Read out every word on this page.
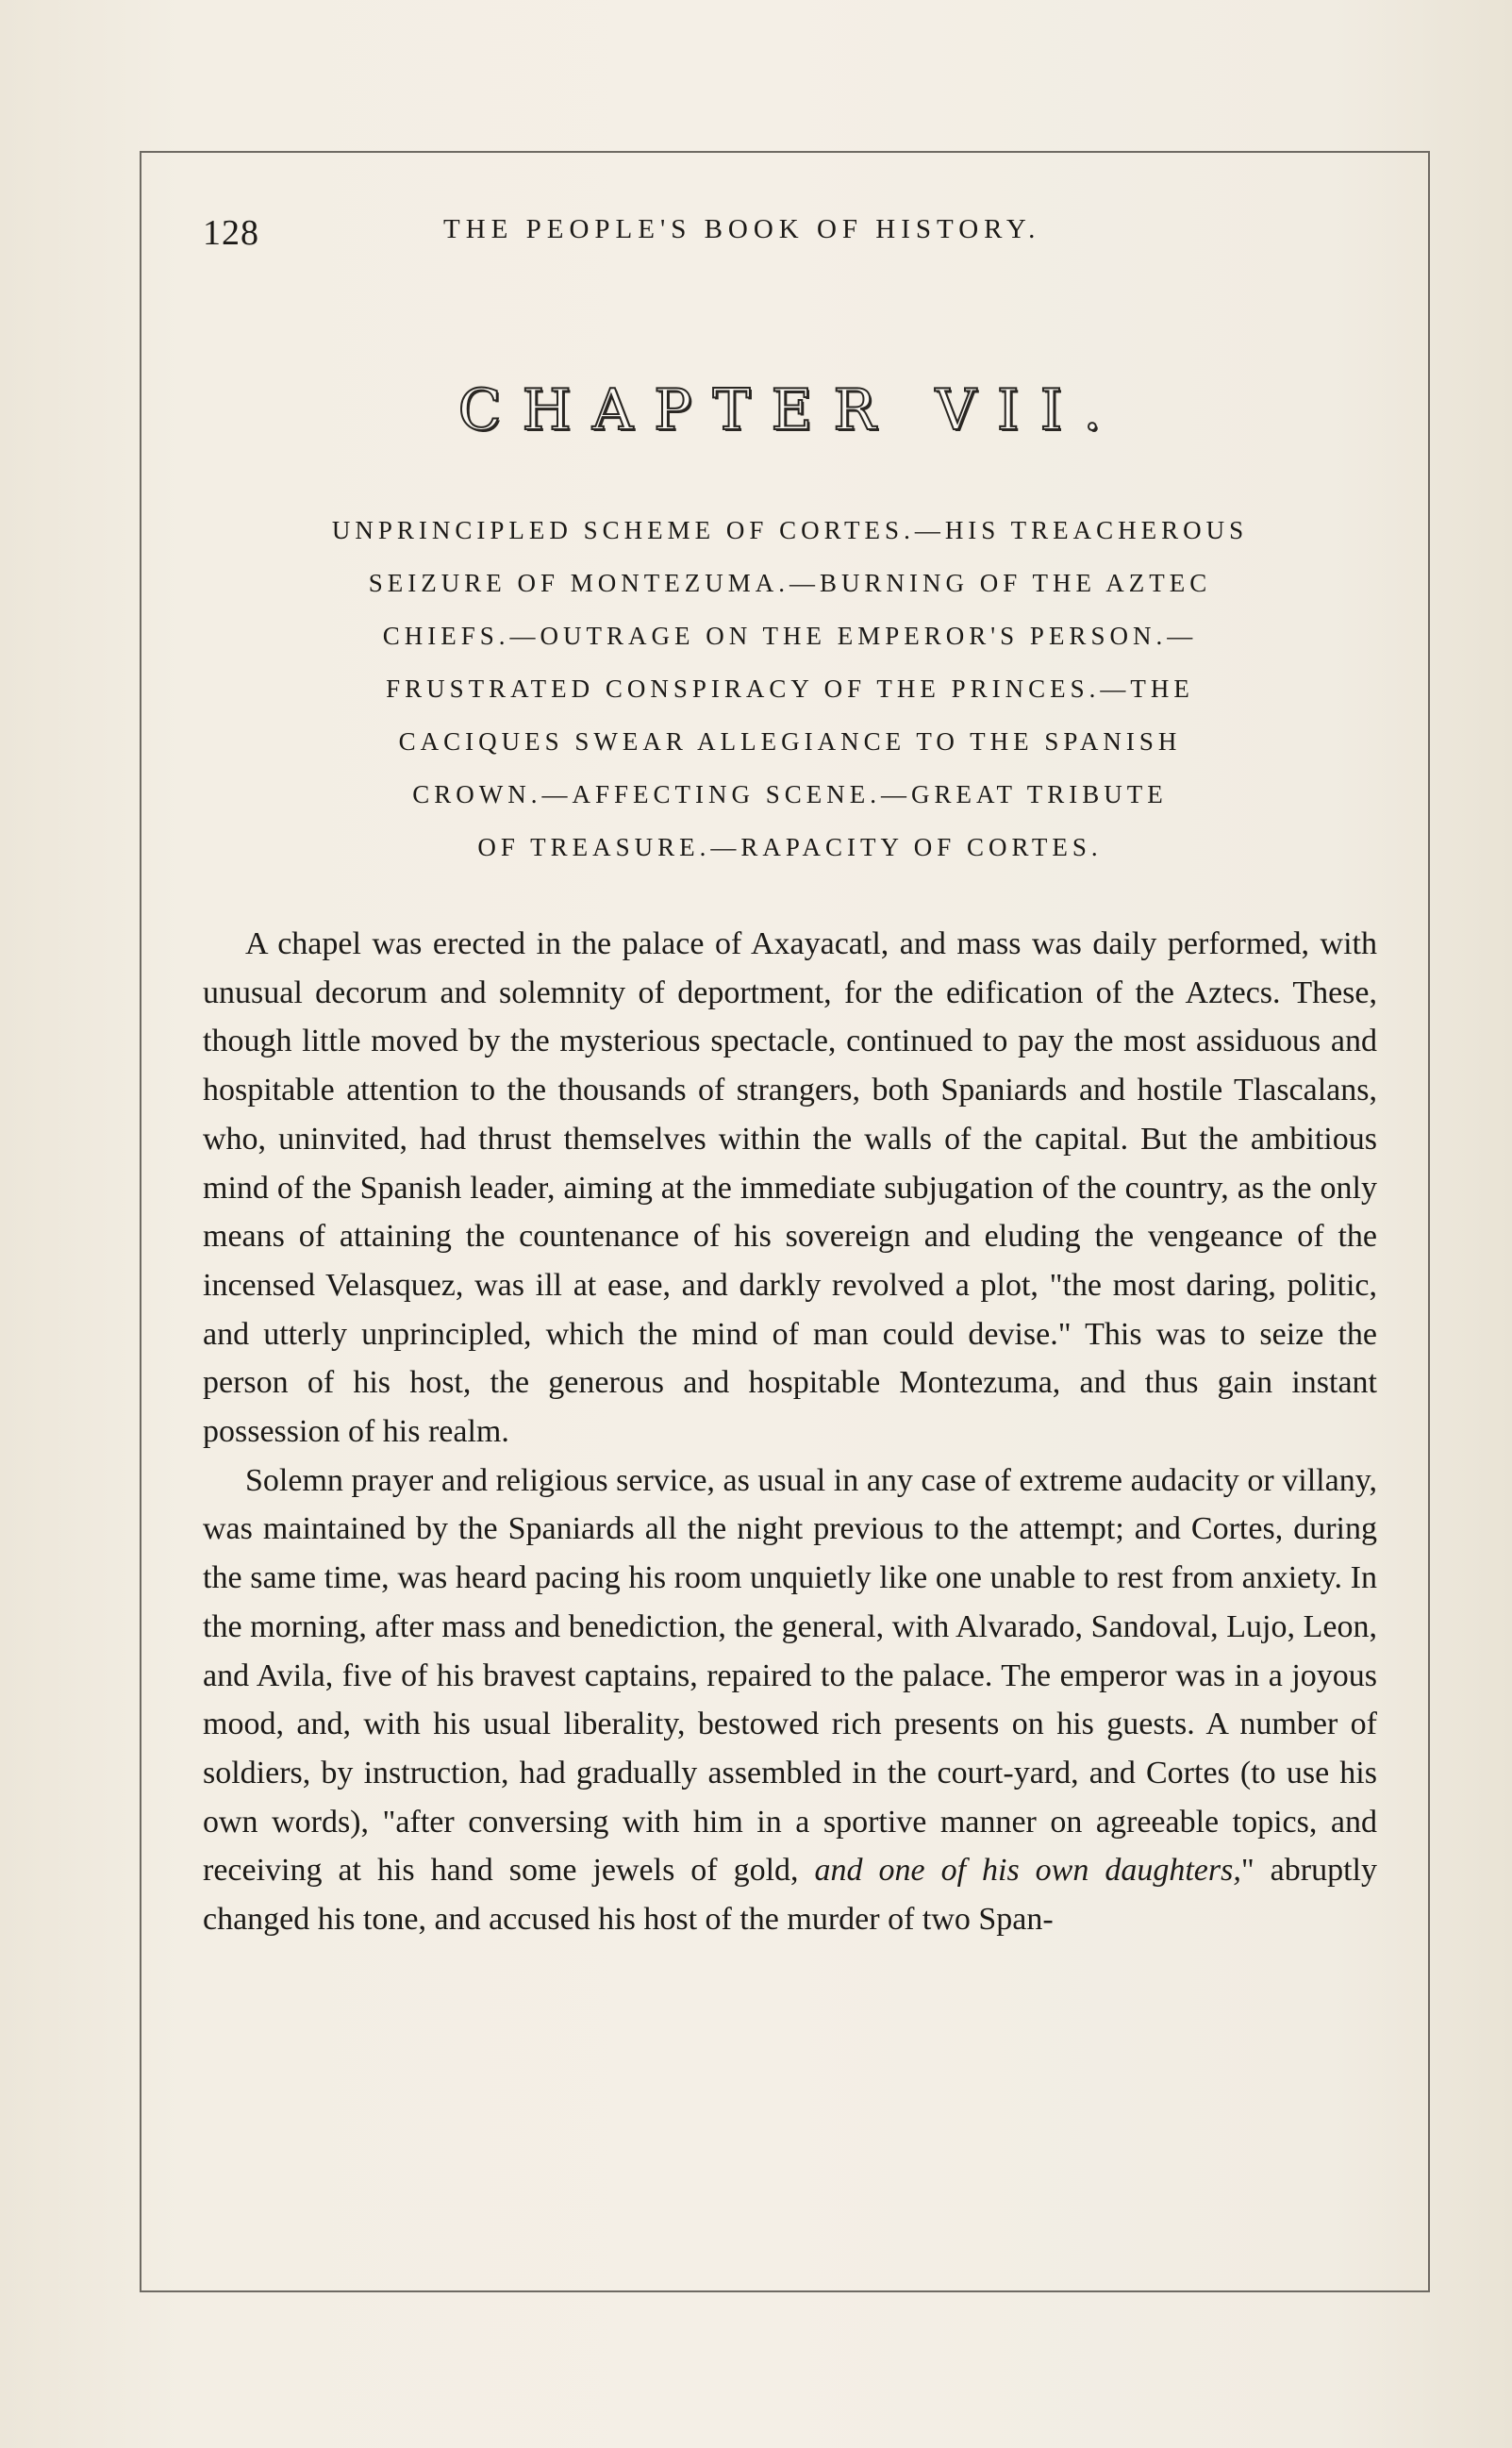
128	THE PEOPLE'S BOOK OF HISTORY.
CHAPTER VII.
UNPRINCIPLED SCHEME OF CORTES.—HIS TREACHEROUS
SEIZURE OF MONTEZUMA.—BURNING OF THE AZTEC
CHIEFS.—OUTRAGE ON THE EMPEROR'S PERSON.—
FRUSTRATED CONSPIRACY OF THE PRINCES.—THE
CACIQUES SWEAR ALLEGIANCE TO THE SPANISH
CROWN.—AFFECTING SCENE.—GREAT TRIBUTE
OF TREASURE.—RAPACITY OF CORTES.

A chapel was erected in the palace of Axayacatl, and mass was daily performed, with unusual decorum and solemnity of deportment, for the edification of the Aztecs. These, though little moved by the mysterious spectacle, continued to pay the most assiduous and hospitable attention to the thousands of strangers, both Spaniards and hostile Tlascalans, who, uninvited, had thrust themselves within the walls of the capital. But the ambitious mind of the Spanish leader, aiming at the immediate subjugation of the country, as the only means of attaining the countenance of his sovereign and eluding the vengeance of the incensed Velasquez, was ill at ease, and darkly revolved a plot, "the most daring, politic, and utterly unprincipled, which the mind of man could devise." This was to seize the person of his host, the generous and hospitable Montezuma, and thus gain instant possession of his realm.

Solemn prayer and religious service, as usual in any case of extreme audacity or villany, was maintained by the Spaniards all the night previous to the attempt; and Cortes, during the same time, was heard pacing his room unquietly like one unable to rest from anxiety. In the morning, after mass and benediction, the general, with Alvarado, Sandoval, Lujo, Leon, and Avila, five of his bravest captains, repaired to the palace. The emperor was in a joyous mood, and, with his usual liberality, bestowed rich presents on his guests. A number of soldiers, by instruction, had gradually assembled in the court-yard, and Cortes (to use his own words), "after conversing with him in a sportive manner on agreeable topics, and receiving at his hand some jewels of gold, and one of his own daughters," abruptly changed his tone, and accused his host of the murder of two Span-
